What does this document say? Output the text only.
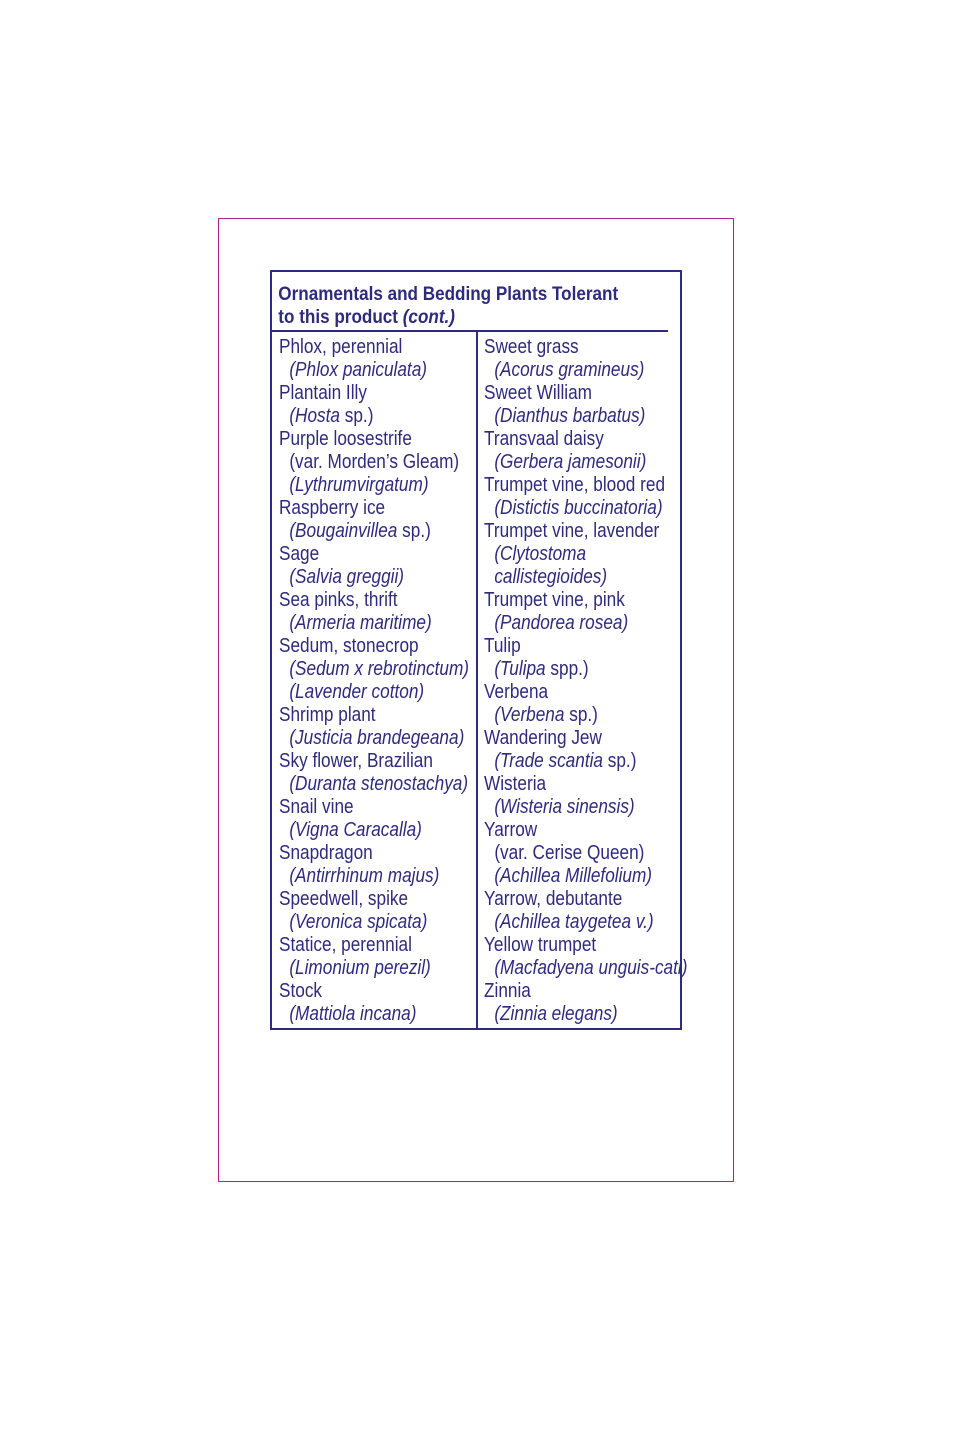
Ornamentals and Bedding Plants Tolerant
to this product (cont.)
Phlox, perennial
(Phlox paniculata)
Plantain Illy
(Hosta sp.)
Purple loosestrife
(var. Morden’s Gleam)
(Lythrumvirgatum)
Raspberry ice
(Bougainvillea sp.)
Sage
(Salvia greggii)
Sea pinks, thrift
(Armeria maritime)
Sedum, stonecrop
(Sedum x rebrotinctum)
(Lavender cotton)
Shrimp plant
(Justicia brandegeana)
Sky flower, Brazilian
(Duranta stenostachya)
Snail vine
(Vigna Caracalla)
Snapdragon
(Antirrhinum majus)
Speedwell, spike
(Veronica spicata)
Statice, perennial
(Limonium perezil)
Stock
(Mattiola incana)
Sweet grass
(Acorus gramineus)
Sweet William
(Dianthus barbatus)
Transvaal daisy
(Gerbera jamesonii)
Trumpet vine, blood red
(Distictis buccinatoria)
Trumpet vine, lavender
(Clytostoma
callistegioides)
Trumpet vine, pink
(Pandorea rosea)
Tulip
(Tulipa spp.)
Verbena
(Verbena sp.)
Wandering Jew
(Trade scantia sp.)
Wisteria
(Wisteria sinensis)
Yarrow
(var. Cerise Queen)
(Achillea Millefolium)
Yarrow, debutante
(Achillea taygetea v.)
Yellow trumpet
(Macfadyena unguis-cati)
Zinnia
(Zinnia elegans)
